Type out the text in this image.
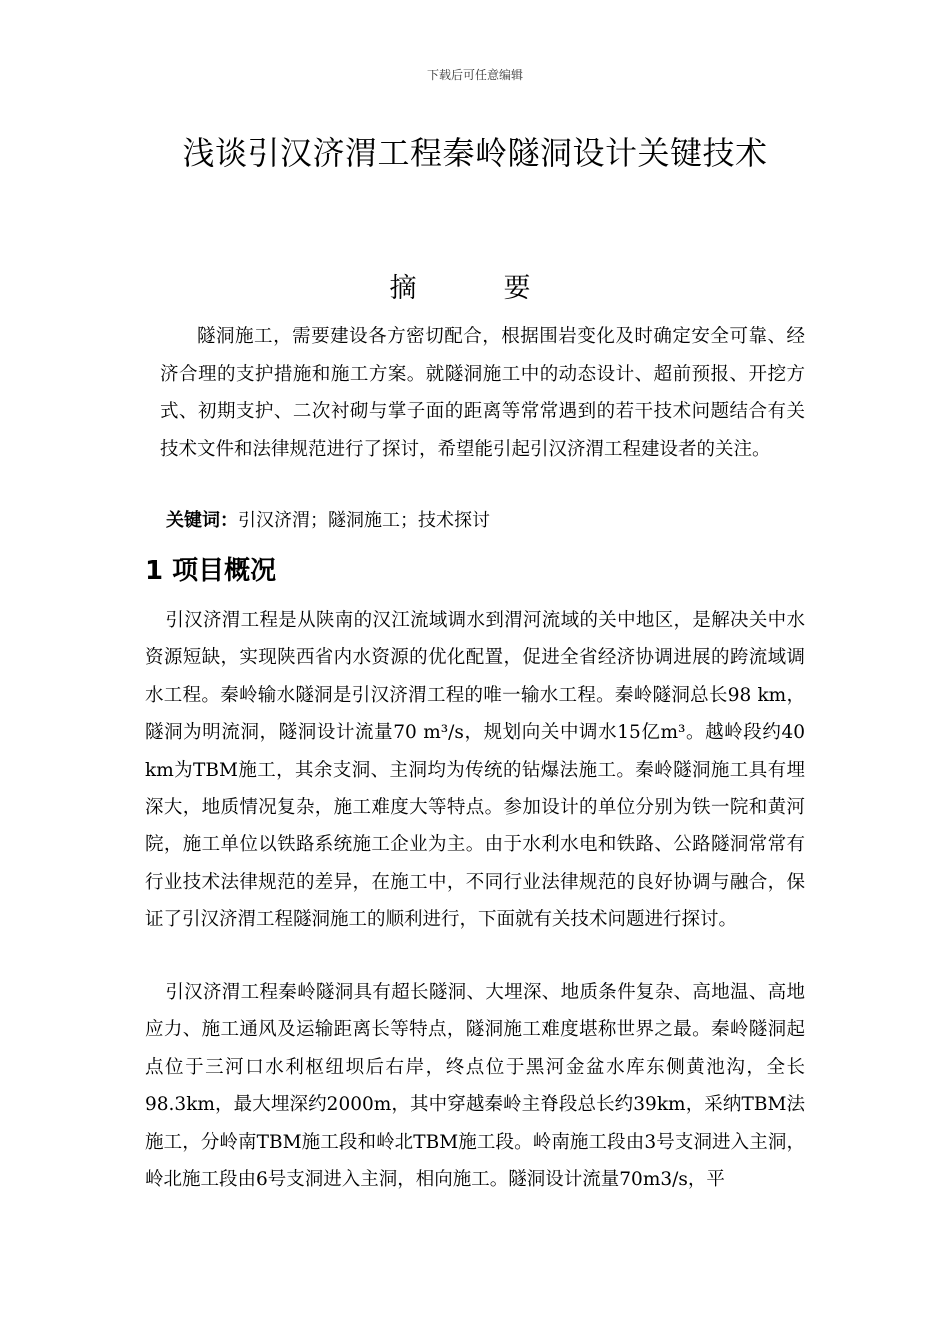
下载后可任意编辑
浅谈引汉济渭工程秦岭隧洞设计关键技术
摘　要

隧洞施工，需要建设各方密切配合，根据围岩变化及时确定安全可靠、经济合理的支护措施和施工方案。就隧洞施工中的动态设计、超前预报、开挖方式、初期支护、二次衬砌与掌子面的距离等常常遇到的若干技术问题结合有关技术文件和法律规范进行了探讨，希望能引起引汉济渭工程建设者的关注。

关键词：引汉济渭；隧洞施工；技术探讨

1 项目概况

引汉济渭工程是从陕南的汉江流域调水到渭河流域的关中地区，是解决关中水资源短缺，实现陕西省内水资源的优化配置，促进全省经济协调进展的跨流域调水工程。秦岭输水隧洞是引汉济渭工程的唯一输水工程。秦岭隧洞总长98 km，隧洞为明流洞，隧洞设计流量70 m³/s，规划向关中调水15亿m³。越岭段约40 km为TBM施工，其余支洞、主洞均为传统的钻爆法施工。秦岭隧洞施工具有埋深大，地质情况复杂，施工难度大等特点。参加设计的单位分别为铁一院和黄河院，施工单位以铁路系统施工企业为主。由于水利水电和铁路、公路隧洞常常有行业技术法律规范的差异，在施工中，不同行业法律规范的良好协调与融合，保证了引汉济渭工程隧洞施工的顺利进行，下面就有关技术问题进行探讨。

引汉济渭工程秦岭隧洞具有超长隧洞、大埋深、地质条件复杂、高地温、高地应力、施工通风及运输距离长等特点，隧洞施工难度堪称世界之最。秦岭隧洞起点位于三河口水利枢纽坝后右岸，终点位于黑河金盆水库东侧黄池沟，全长98.3km，最大埋深约2000m，其中穿越秦岭主脊段总长约39km，采纳TBM法施工，分岭南TBM施工段和岭北TBM施工段。岭南施工段由3号支洞进入主洞，岭北施工段由6号支洞进入主洞，相向施工。隧洞设计流量70m3/s，平
